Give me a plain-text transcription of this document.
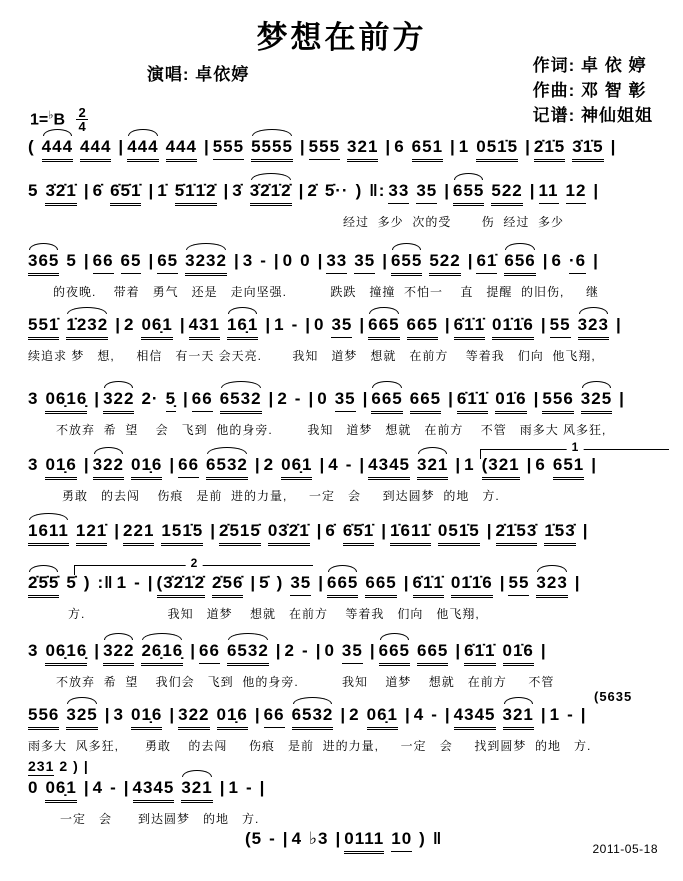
梦想在前方
演唱: 卓依婷	作词: 卓 依 婷
作曲: 邓 智 彰
记谱: 神仙姐姐
$1=^♭B \frac{2}{4}$
( 444 444 | 444 444 | 555 5555 | 555 321 | 6 651 | 1 051̇5 | 2̇1̇5 3̇1̇5 |
5 3̇2̇1̇ | 6̇ 6̇5̇1̇ | 1̇ 5̇1̇1̇2̇ | 3̇ 3̇2̇1̇2̇ | 2̇ 5̇·· ) ‖: 33 35 | 655 522 | 11 12 |
经过  多少  次的受       伤  经过  多少
365 5 | 66 65 | 65 3232 | 3 - | 0 0 | 33 35 | 655 522 | 61̇ 656 | 6 ·6 |
的夜晚.    带着   勇气   还是   走向坚强.          跌跌   撞撞  不怕一    直   提醒  的旧伤,     继
551̇ 1̇232 | 2 06̣1 | 431 16̣1 | 1 - | 0 35 | 665 665 | 6̇1̇1̇ 01̇1̇6 | 55 323 |
续追求 梦   想,     相信   有一天 会天亮.       我知   道梦   想就   在前方    等着我   们向  他飞翔,
3 06̣16̣ | 322 2· 5̣ | 66 6532 | 2 - | 0 35 | 665 665 | 6̇1̇1̇ 01̇6 | 556 325 |
不放弃  希  望    会   飞到  他的身旁.        我知   道梦   想就   在前方    不管   雨多大 风多狂,
3 01̣6 | 322 01̣6 | 66 6532 | 2 06̣1 | 4 - | 4345 321 | 1 (321 | 6 651 |
1
勇敢   的去闯    伤痕   是前  进的力量,     一定   会     到达圆梦  的地   方.
1611 121̇ | 221 151̇5 | 2̇515̇ 03̇2̇1̇ | 6̇ 6̇5̇1̇ | 1̇611̇ 051̇5 | 2̇1̇53̇ 1̇53̇ |
2̇5̇5̇ 5̇ ) :‖ 1 - | (3̇2̇1̇2̇ 2̇56̇ | 5̇ ) 35 | 665 665 | 6̇1̇1̇ 01̇1̇6 | 55 323 |
2
方.                   我知   道梦    想就   在前方    等着我   们向   他飞翔,
3 06̣16̣ | 322 26̣16̣ | 66 6532 | 2 - | 0 35 | 665 665 | 6̇1̇1̇ 01̇6 |
不放弃  希  望    我们会   飞到  他的身旁.          我知    道梦    想就   在前方     不管
556 325 | 3 01̣6 | 322 01̣6 | 66 6532 | 2 06̣1 | 4 - | 4345 321 | 1 - |
(5635
雨多大  风多狂,      勇敢    的去闯     伤痕   是前  进的力量,     一定   会     找到圆梦  的地   方.
231 2 ) |
0 06̣1 | 4 - | 4345 321 | 1 - |
一定   会      到达圆梦   的地   方.
(5 - | 4 ♭3 | 0111 10 ) ‖
2011-05-18
